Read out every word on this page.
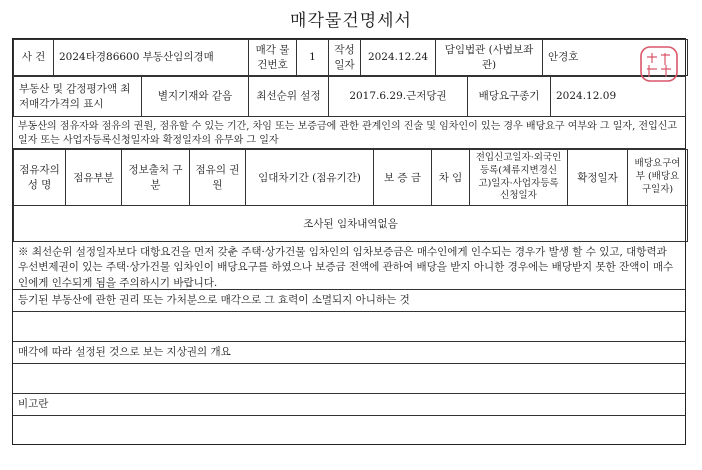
매각물건명세서
사 건	2024타경86600 부동산임의경매	매각 물건번호	1	작성 일자	2024.12.24	담임법관 (사법보좌관)	안경호
부동산 및 감정평가액 최저매각가격의 표시	별지기재와 같음	최선순위 설정	2017.6.29.근저당권	배당요구종기	2024.12.09
부동산의 점유자와 점유의 권원, 점유할 수 있는 기간, 차임 또는 보증금에 관한 관계인의 진술 및 임차인이 있는 경우 배당요구 여부와 그 일자, 전입신고일자 또는 사업자등록신청일자와 확정일자의 유무와 그 일자
점유자의 성 명	점유부분	정보출처 구 분	점유의 권 원	임대차기간 (점유기간)	보 증 금	차 임	전입신고일자·외국인등록(체류지변경신고)일자·사업자등록신청일자	확정일자	배당요구여부 (배당요구일자)
조사된 임차내역없음
※ 최선순위 설정일자보다 대항요건을 먼저 갖춘 주택·상가건물 임차인의 임차보증금은 매수인에게 인수되는 경우가 발생 할 수 있고, 대항력과 우선변제권이 있는 주택·상가건물 임차인이 배당요구를 하였으나 보증금 전액에 관하여 배당을 받지 아니한 경우에는 배당받지 못한 잔액이 매수인에게 인수되게 됨을 주의하시기 바랍니다.
등기된 부동산에 관한 권리 또는 가처분으로 매각으로 그 효력이 소멸되지 아니하는 것
매각에 따라 설정된 것으로 보는 지상권의 개요
비고란
